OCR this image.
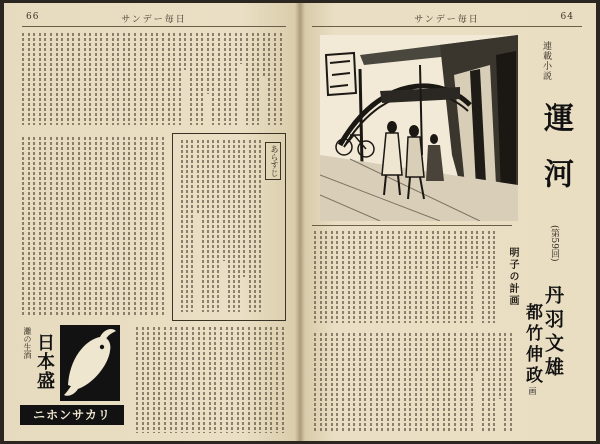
66	サンデー毎日
あらすじ
灘の生酒 日本盛
ニホンサカリ
サンデー毎日	64
連載小説
運河
(第59回)
明子の計画
丹羽文雄
都竹伸政画
